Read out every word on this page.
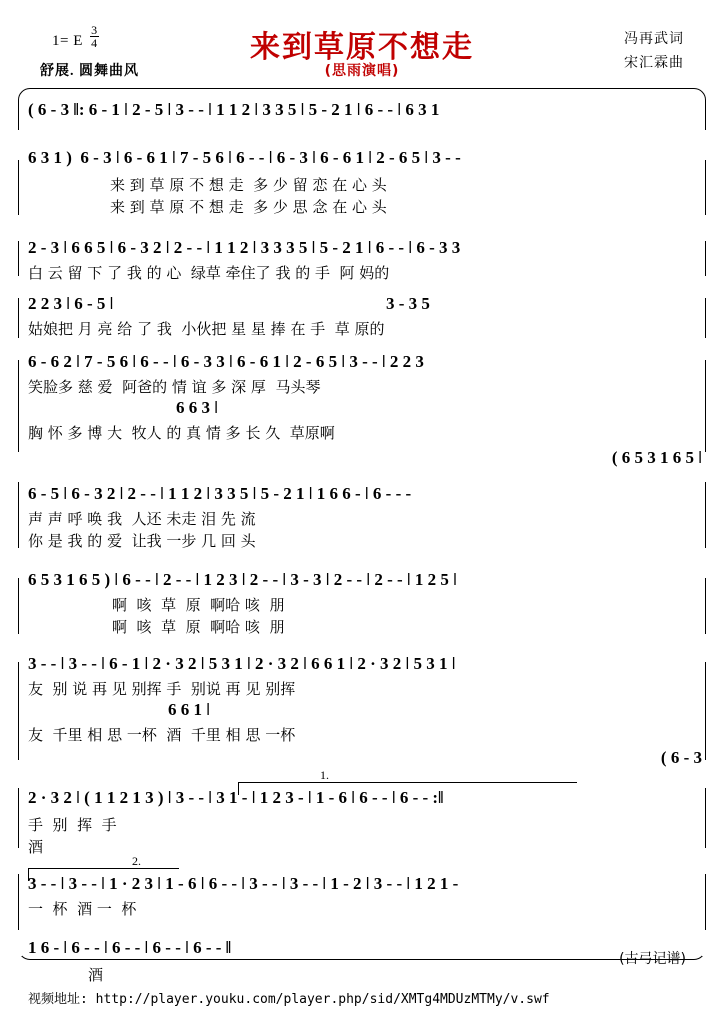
1= E $\frac{3}{4}$
舒展. 圆舞曲风
来到草原不想走
(思雨演唱)
冯再武词
宋汇霖曲
( 6 - 3 ‖: 6 - 1 ǀ 2 - 5 ǀ 3 - - ǀ 1 1 2 ǀ 3 3 5 ǀ 5 - 2 1 ǀ 6 - - ǀ 6 3 1
6 3 1 )  6 - 3 ǀ 6 - 6 1 ǀ 7 - 5 6 ǀ 6 - - ǀ 6 - 3 ǀ 6 - 6 1 ǀ 2 - 6 5 ǀ 3 - -
来 到 草 原 不 想 走  多 少 留 恋 在 心 头
来 到 草 原 不 想 走  多 少 思 念 在 心 头
2 - 3 ǀ 6 6 5 ǀ 6 - 3 2 ǀ 2 - - ǀ 1 1 2 ǀ 3 3 3 5 ǀ 5 - 2 1 ǀ 6 - - ǀ 6 - 3 3
白 云 留 下 了 我 的 心  绿草 牵住了 我 的 手  阿 妈的
2 2 3 ǀ 6 - 5 ǀ	3 - 3 5
姑娘把 月 亮 给 了 我  小伙把 星 星 捧 在 手  草 原的
6 - 6 2 ǀ 7 - 5 6 ǀ 6 - - ǀ 6 - 3 3 ǀ 6 - 6 1 ǀ 2 - 6 5 ǀ 3 - - ǀ 2 2 3
笑脸多 慈 爱  阿爸的 情 谊 多 深 厚  马头琴
6 6 3 ǀ
胸 怀 多 博 大  牧人 的 真 情 多 长 久  草原啊
( 6 5 3 1 6 5 ǀ
6 - 5 ǀ 6 - 3 2 ǀ 2 - - ǀ 1 1 2 ǀ 3 3 5 ǀ 5 - 2 1 ǀ 1 6 6 - ǀ 6 - - -
声 声 呼 唤 我  人还 未走 泪 先 流
你 是 我 的 爱  让我 一步 几 回 头
6 5 3 1 6 5 ) ǀ 6 - - ǀ 2 - - ǀ 1 2 3 ǀ 2 - - ǀ 3 - 3 ǀ 2 - - ǀ 2 - - ǀ 1 2 5 ǀ
啊  咳  草  原  啊哈 咳  朋
啊  咳  草  原  啊哈 咳  朋
3 - - ǀ 3 - - ǀ 6 - 1 ǀ 2 · 3 2 ǀ 5 3 1 ǀ 2 · 3 2 ǀ 6 6 1 ǀ 2 · 3 2 ǀ 5 3 1 ǀ
友  别 说 再 见 别挥 手  别说 再 见 别挥
6 6 1 ǀ
友  千里 相 思 一杯  酒  千里 相 思 一杯
( 6 - 3
1.
2 · 3 2 ǀ ( 1 1 2 1 3 ) ǀ 3 - - ǀ 3 1 - ǀ 1 2 3 - ǀ 1 - 6 ǀ 6 - - ǀ 6 - - :‖
手  别  挥  手
酒
2.
3 - - ǀ 3 - - ǀ 1 · 2 3 ǀ 1 - 6 ǀ 6 - - ǀ 3 - - ǀ 3 - - ǀ 1 - 2 ǀ 3 - - ǀ 1 2 1 -
一  杯  酒 一  杯
1 6 - ǀ 6 - - ǀ 6 - - ǀ 6 - - ǀ 6 - - ‖
酒
(古弓记谱)
视频地址: http://player.youku.com/player.php/sid/XMTg4MDUzMTMy/v.swf
